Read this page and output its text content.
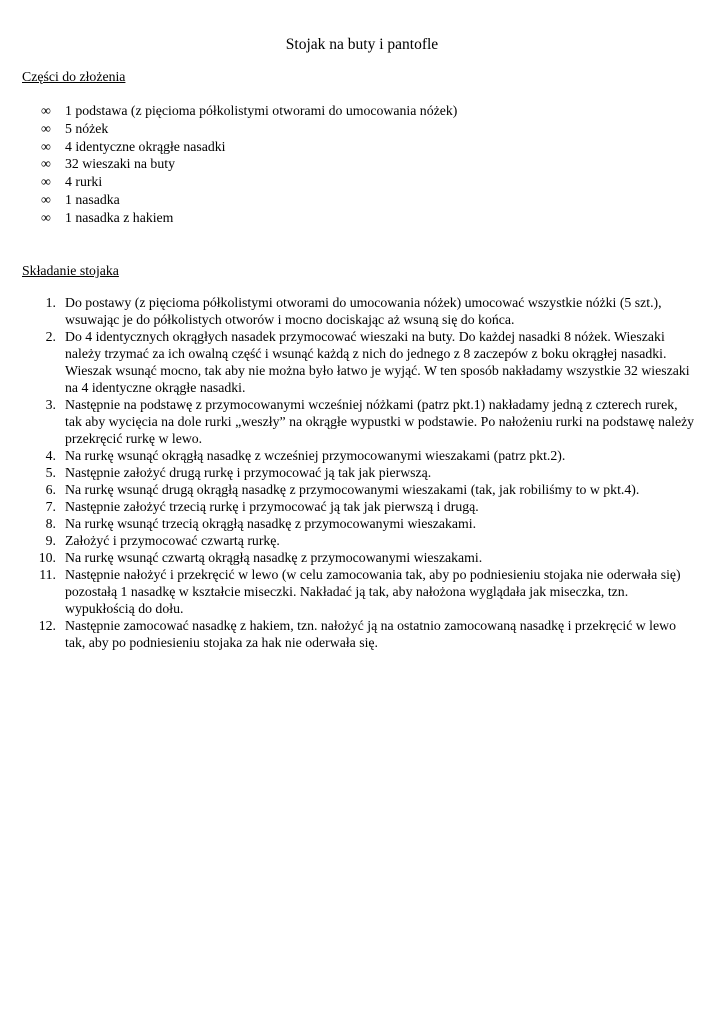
Stojak na buty i pantofle

Części do złożenia

∞	1 podstawa (z pięcioma półkolistymi otworami do umocowania nóżek)
∞	5 nóżek
∞	4 identyczne okrągłe nasadki
∞	32 wieszaki na buty
∞	4 rurki
∞	1 nasadka
∞	1 nasadka z hakiem

Składanie stojaka

1. Do postawy (z pięcioma półkolistymi otworami do umocowania nóżek) umocować wszystkie nóżki (5 szt.), wsuwając je do półkolistych otworów i mocno dociskając aż wsuną się do końca.
2. Do 4 identycznych okrągłych nasadek przymocować wieszaki na buty. Do każdej nasadki 8 nóżek. Wieszaki należy trzymać za ich owalną część i wsunąć każdą z nich do jednego z 8 zaczepów z boku okrągłej nasadki. Wieszak wsunąć mocno, tak aby nie można było łatwo je wyjąć. W ten sposób nakładamy wszystkie 32 wieszaki na 4 identyczne okrągłe nasadki.
3. Następnie na podstawę z przymocowanymi wcześniej nóżkami (patrz pkt.1) nakładamy jedną z czterech rurek, tak aby wycięcia na dole rurki „weszły” na okrągłe wypustki w podstawie. Po nałożeniu rurki na podstawę należy przekręcić rurkę w lewo.
4. Na rurkę wsunąć okrągłą nasadkę z wcześniej przymocowanymi wieszakami (patrz pkt.2).
5. Następnie założyć drugą rurkę i przymocować ją tak jak pierwszą.
6. Na rurkę wsunąć drugą okrągłą nasadkę z przymocowanymi wieszakami (tak, jak robiliśmy to w pkt.4).
7. Następnie założyć trzecią rurkę i przymocować ją tak jak pierwszą i drugą.
8. Na rurkę wsunąć trzecią okrągłą nasadkę z przymocowanymi wieszakami.
9. Założyć i przymocować czwartą rurkę.
10. Na rurkę wsunąć czwartą okrągłą nasadkę z przymocowanymi wieszakami.
11. Następnie nałożyć i przekręcić w lewo (w celu zamocowania tak, aby po podniesieniu stojaka nie oderwała się) pozostałą 1 nasadkę w kształcie miseczki. Nakładać ją tak, aby nałożona wyglądała jak miseczka, tzn. wypukłością do dołu.
12. Następnie zamocować nasadkę z hakiem, tzn. nałożyć ją na ostatnio zamocowaną nasadkę i przekręcić w lewo tak, aby po podniesieniu stojaka za hak nie oderwała się.
